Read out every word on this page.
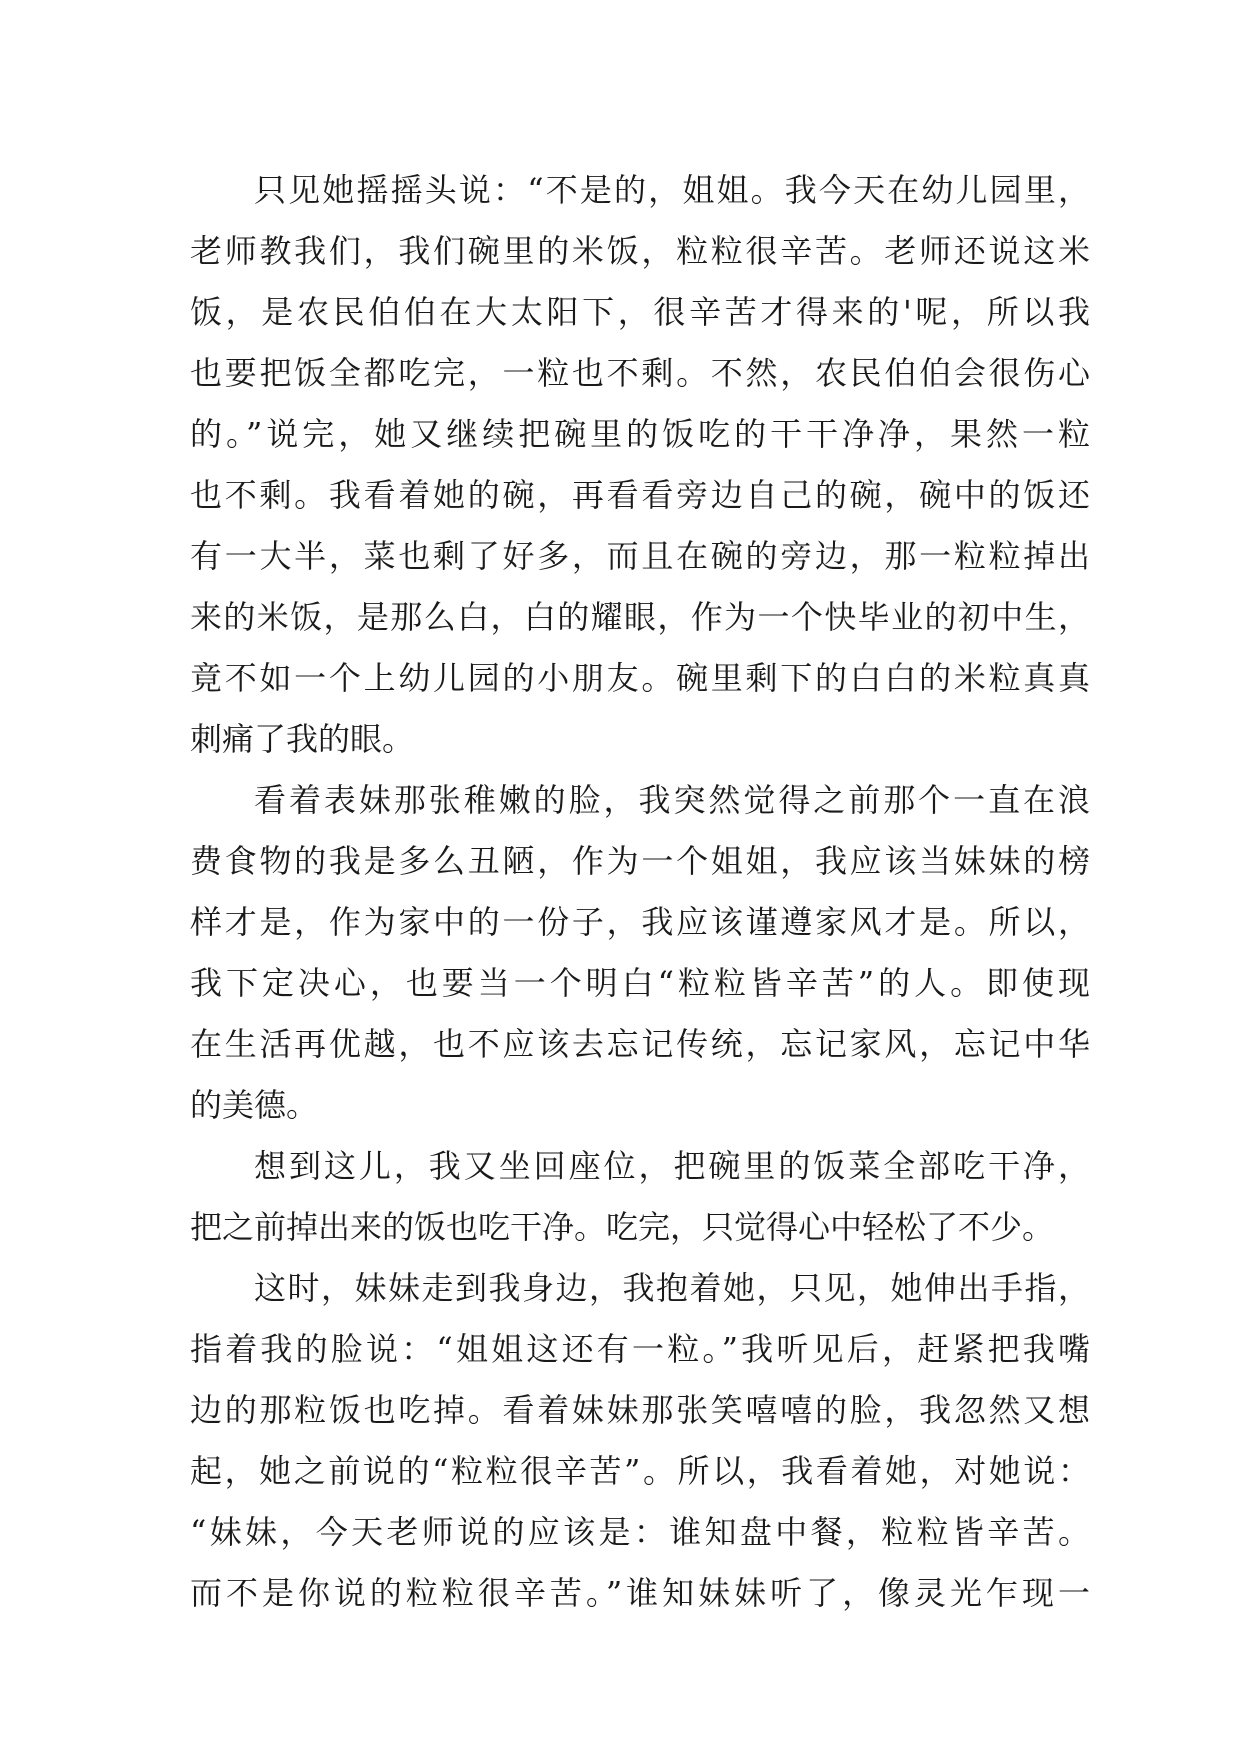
只见她摇摇头说：“不是的，姐姐。我今天在幼儿园里，
老师教我们，我们碗里的米饭，粒粒很辛苦。老师还说这米
饭，是农民伯伯在大太阳下，很辛苦才得来的'呢，所以我
也要把饭全都吃完，一粒也不剩。不然，农民伯伯会很伤心
的。”说完，她又继续把碗里的饭吃的干干净净，果然一粒
也不剩。我看着她的碗，再看看旁边自己的碗，碗中的饭还
有一大半，菜也剩了好多，而且在碗的旁边，那一粒粒掉出
来的米饭，是那么白，白的耀眼，作为一个快毕业的初中生，
竟不如一个上幼儿园的小朋友。碗里剩下的白白的米粒真真
刺痛了我的眼。
看着表妹那张稚嫩的脸，我突然觉得之前那个一直在浪
费食物的我是多么丑陋，作为一个姐姐，我应该当妹妹的榜
样才是，作为家中的一份子，我应该谨遵家风才是。所以，
我下定决心，也要当一个明白“粒粒皆辛苦”的人。即使现
在生活再优越，也不应该去忘记传统，忘记家风，忘记中华
的美德。
想到这儿，我又坐回座位，把碗里的饭菜全部吃干净，
把之前掉出来的饭也吃干净。吃完，只觉得心中轻松了不少。
这时，妹妹走到我身边，我抱着她，只见，她伸出手指，
指着我的脸说：“姐姐这还有一粒。”我听见后，赶紧把我嘴
边的那粒饭也吃掉。看着妹妹那张笑嘻嘻的脸，我忽然又想
起，她之前说的“粒粒很辛苦”。所以，我看着她，对她说：
“妹妹，今天老师说的应该是：谁知盘中餐，粒粒皆辛苦。
而不是你说的粒粒很辛苦。”谁知妹妹听了，像灵光乍现一
